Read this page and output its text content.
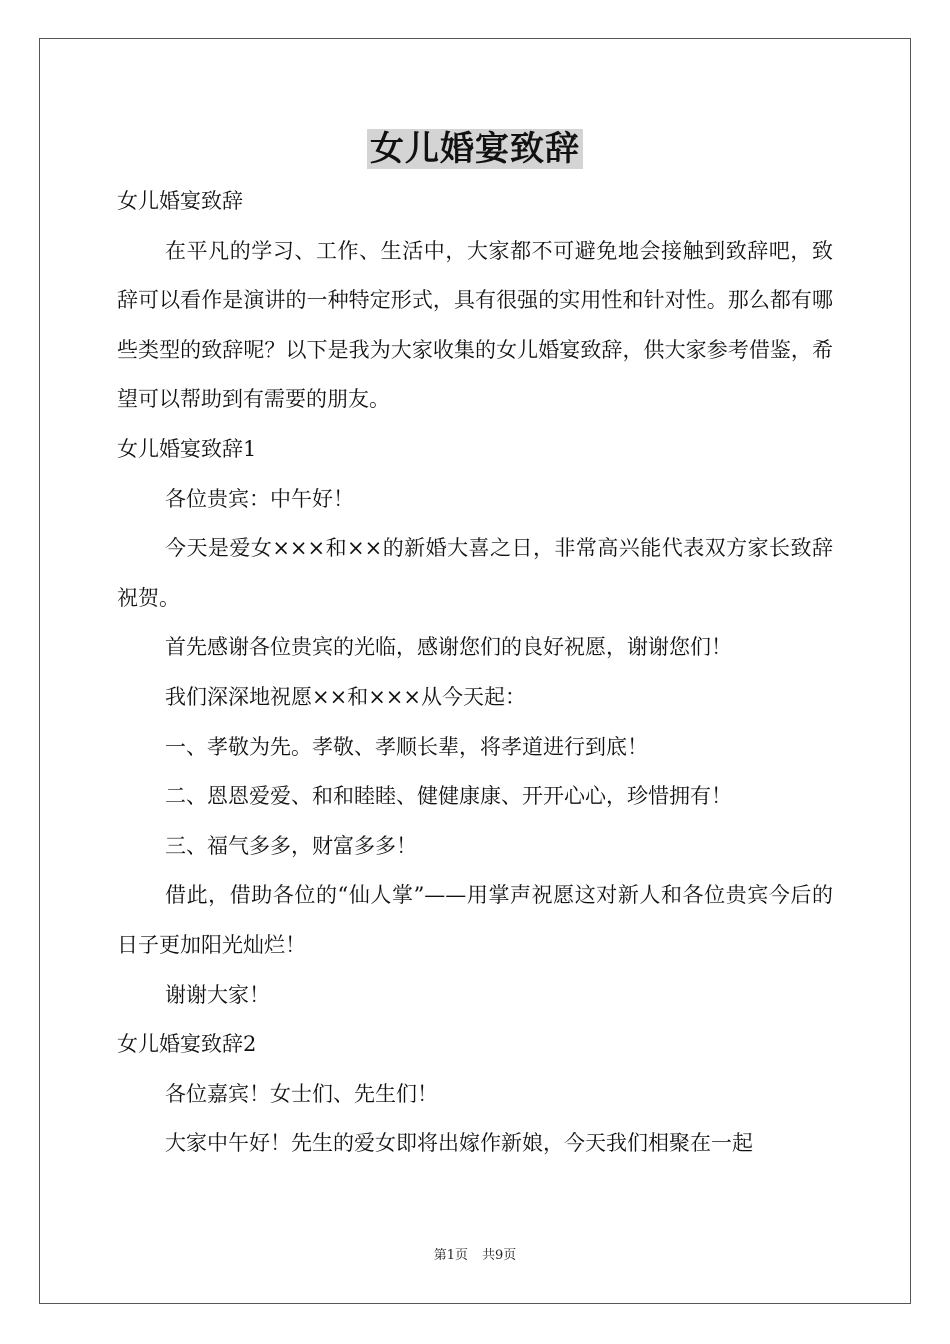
女儿婚宴致辞

女儿婚宴致辞

在平凡的学习、工作、生活中，大家都不可避免地会接触到致辞吧，致辞可以看作是演讲的一种特定形式，具有很强的实用性和针对性。那么都有哪些类型的致辞呢？以下是我为大家收集的女儿婚宴致辞，供大家参考借鉴，希望可以帮助到有需要的朋友。

女儿婚宴致辞1

各位贵宾：中午好！

今天是爱女×××和××的新婚大喜之日，非常高兴能代表双方家长致辞祝贺。

首先感谢各位贵宾的光临，感谢您们的良好祝愿，谢谢您们！

我们深深地祝愿××和×××从今天起：

一、孝敬为先。孝敬、孝顺长辈，将孝道进行到底！

二、恩恩爱爱、和和睦睦、健健康康、开开心心，珍惜拥有！

三、福气多多，财富多多！

借此，借助各位的“仙人掌”——用掌声祝愿这对新人和各位贵宾今后的日子更加阳光灿烂！

谢谢大家！

女儿婚宴致辞2

各位嘉宾！女士们、先生们！

大家中午好！先生的爱女即将出嫁作新娘，今天我们相聚在一起

第1页 共9页
